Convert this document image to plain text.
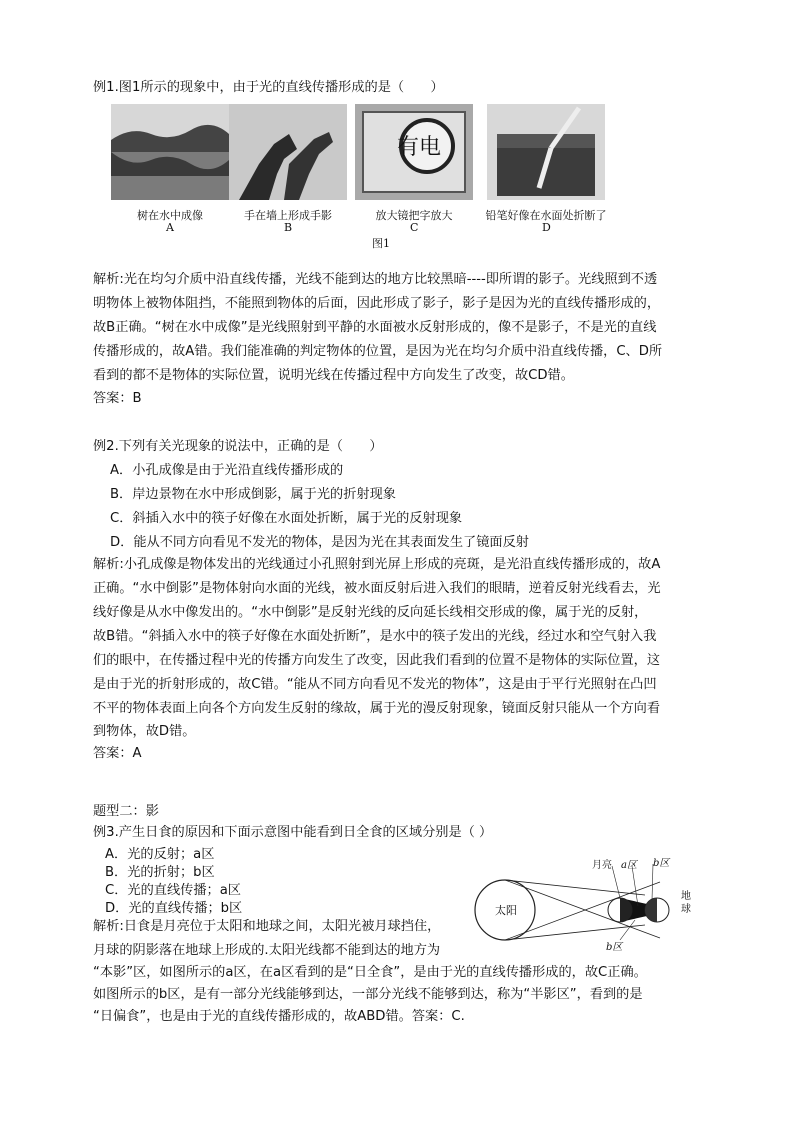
例1.图1所示的现象中，由于光的直线传播形成的是（　　）
有电
树在水中成像	手在墙上形成手影	放大镜把字放大	铅笔好像在水面处折断了
A	B	C	D
图1
解析:光在均匀介质中沿直线传播，光线不能到达的地方比较黑暗----即所谓的影子。光线照到不透
明物体上被物体阻挡，不能照到物体的后面，因此形成了影子，影子是因为光的直线传播形成的，
故B正确。“树在水中成像”是光线照射到平静的水面被水反射形成的，像不是影子，不是光的直线
传播形成的，故A错。我们能准确的判定物体的位置，是因为光在均匀介质中沿直线传播，C、D所
看到的都不是物体的实际位置，说明光线在传播过程中方向发生了改变，故CD错。
答案：B
例2.下列有关光现象的说法中，正确的是（　　）
A．小孔成像是由于光沿直线传播形成的
B．岸边景物在水中形成倒影，属于光的折射现象
C．斜插入水中的筷子好像在水面处折断，属于光的反射现象
D．能从不同方向看见不发光的物体，是因为光在其表面发生了镜面反射
解析:小孔成像是物体发出的光线通过小孔照射到光屏上形成的亮斑，是光沿直线传播形成的，故A
正确。“水中倒影”是物体射向水面的光线，被水面反射后进入我们的眼睛，逆着反射光线看去，光
线好像是从水中像发出的。“水中倒影”是反射光线的反向延长线相交形成的像，属于光的反射，
故B错。“斜插入水中的筷子好像在水面处折断”，是水中的筷子发出的光线，经过水和空气射入我
们的眼中，在传播过程中光的传播方向发生了改变，因此我们看到的位置不是物体的实际位置，这
是由于光的折射形成的，故C错。“能从不同方向看见不发光的物体”，这是由于平行光照射在凸凹
不平的物体表面上向各个方向发生反射的缘故，属于光的漫反射现象，镜面反射只能从一个方向看
到物体，故D错。
答案：A
题型二：影
例3.产生日食的原因和下面示意图中能看到日全食的区域分别是（ ）
A．光的反射；a区
B．光的折射；b区
C．光的直线传播；a区
D．光的直线传播；b区
月亮 a区 b区
太阳
b区
地球
解析:日食是月亮位于太阳和地球之间，太阳光被月球挡住，
月球的阴影落在地球上形成的.太阳光线都不能到达的地方为
“本影”区，如图所示的a区，在a区看到的是“日全食”，是由于光的直线传播形成的，故C正确。
如图所示的b区，是有一部分光线能够到达，一部分光线不能够到达，称为“半影区”，看到的是
“日偏食”，也是由于光的直线传播形成的，故ABD错。答案：C.
